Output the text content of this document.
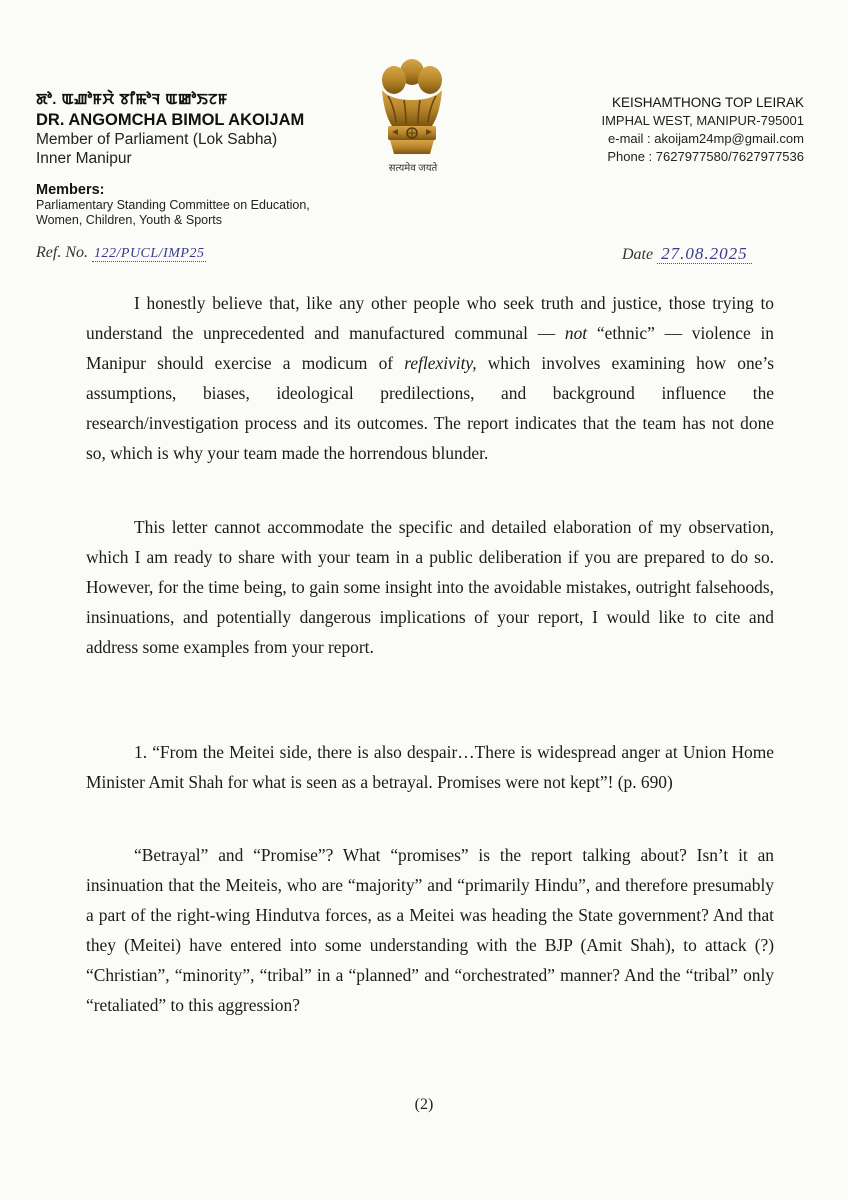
ꯗꯣ. ꯑꯉꯣꯝꯆꯥ ꯕꯤꯃꯣꯜ ꯑꯀꯣꯏꯖꯝ
DR. ANGOMCHA BIMOL AKOIJAM
Member of Parliament (Lok Sabha)
Inner Manipur
Members:
Parliamentary Standing Committee on Education,
Women, Children, Youth & Sports
सत्यमेव जयते
KEISHAMTHONG TOP LEIRAK
IMPHAL WEST, MANIPUR-795001
e-mail : akoijam24mp@gmail.com
Phone : 7627977580/7627977536
Ref. No. 122/PUCL/IMP25	Date 27.08.2025
I honestly believe that, like any other people who seek truth and justice, those trying to understand the unprecedented and manufactured communal — not “ethnic” — violence in Manipur should exercise a modicum of reflexivity, which involves examining how one’s assumptions, biases, ideological predilections, and background influence the research/investigation process and its outcomes. The report indicates that the team has not done so, which is why your team made the horrendous blunder.
This letter cannot accommodate the specific and detailed elaboration of my observation, which I am ready to share with your team in a public deliberation if you are prepared to do so. However, for the time being, to gain some insight into the avoidable mistakes, outright falsehoods, insinuations, and potentially dangerous implications of your report, I would like to cite and address some examples from your report.
1. “From the Meitei side, there is also despair…There is widespread anger at Union Home Minister Amit Shah for what is seen as a betrayal. Promises were not kept”! (p. 690)
“Betrayal” and “Promise”? What “promises” is the report talking about? Isn’t it an insinuation that the Meiteis, who are “majority” and “primarily Hindu”, and therefore presumably a part of the right-wing Hindutva forces, as a Meitei was heading the State government? And that they (Meitei) have entered into some understanding with the BJP (Amit Shah), to attack (?) “Christian”, “minority”, “tribal” in a “planned” and “orchestrated” manner? And the “tribal” only “retaliated” to this aggression?
(2)
